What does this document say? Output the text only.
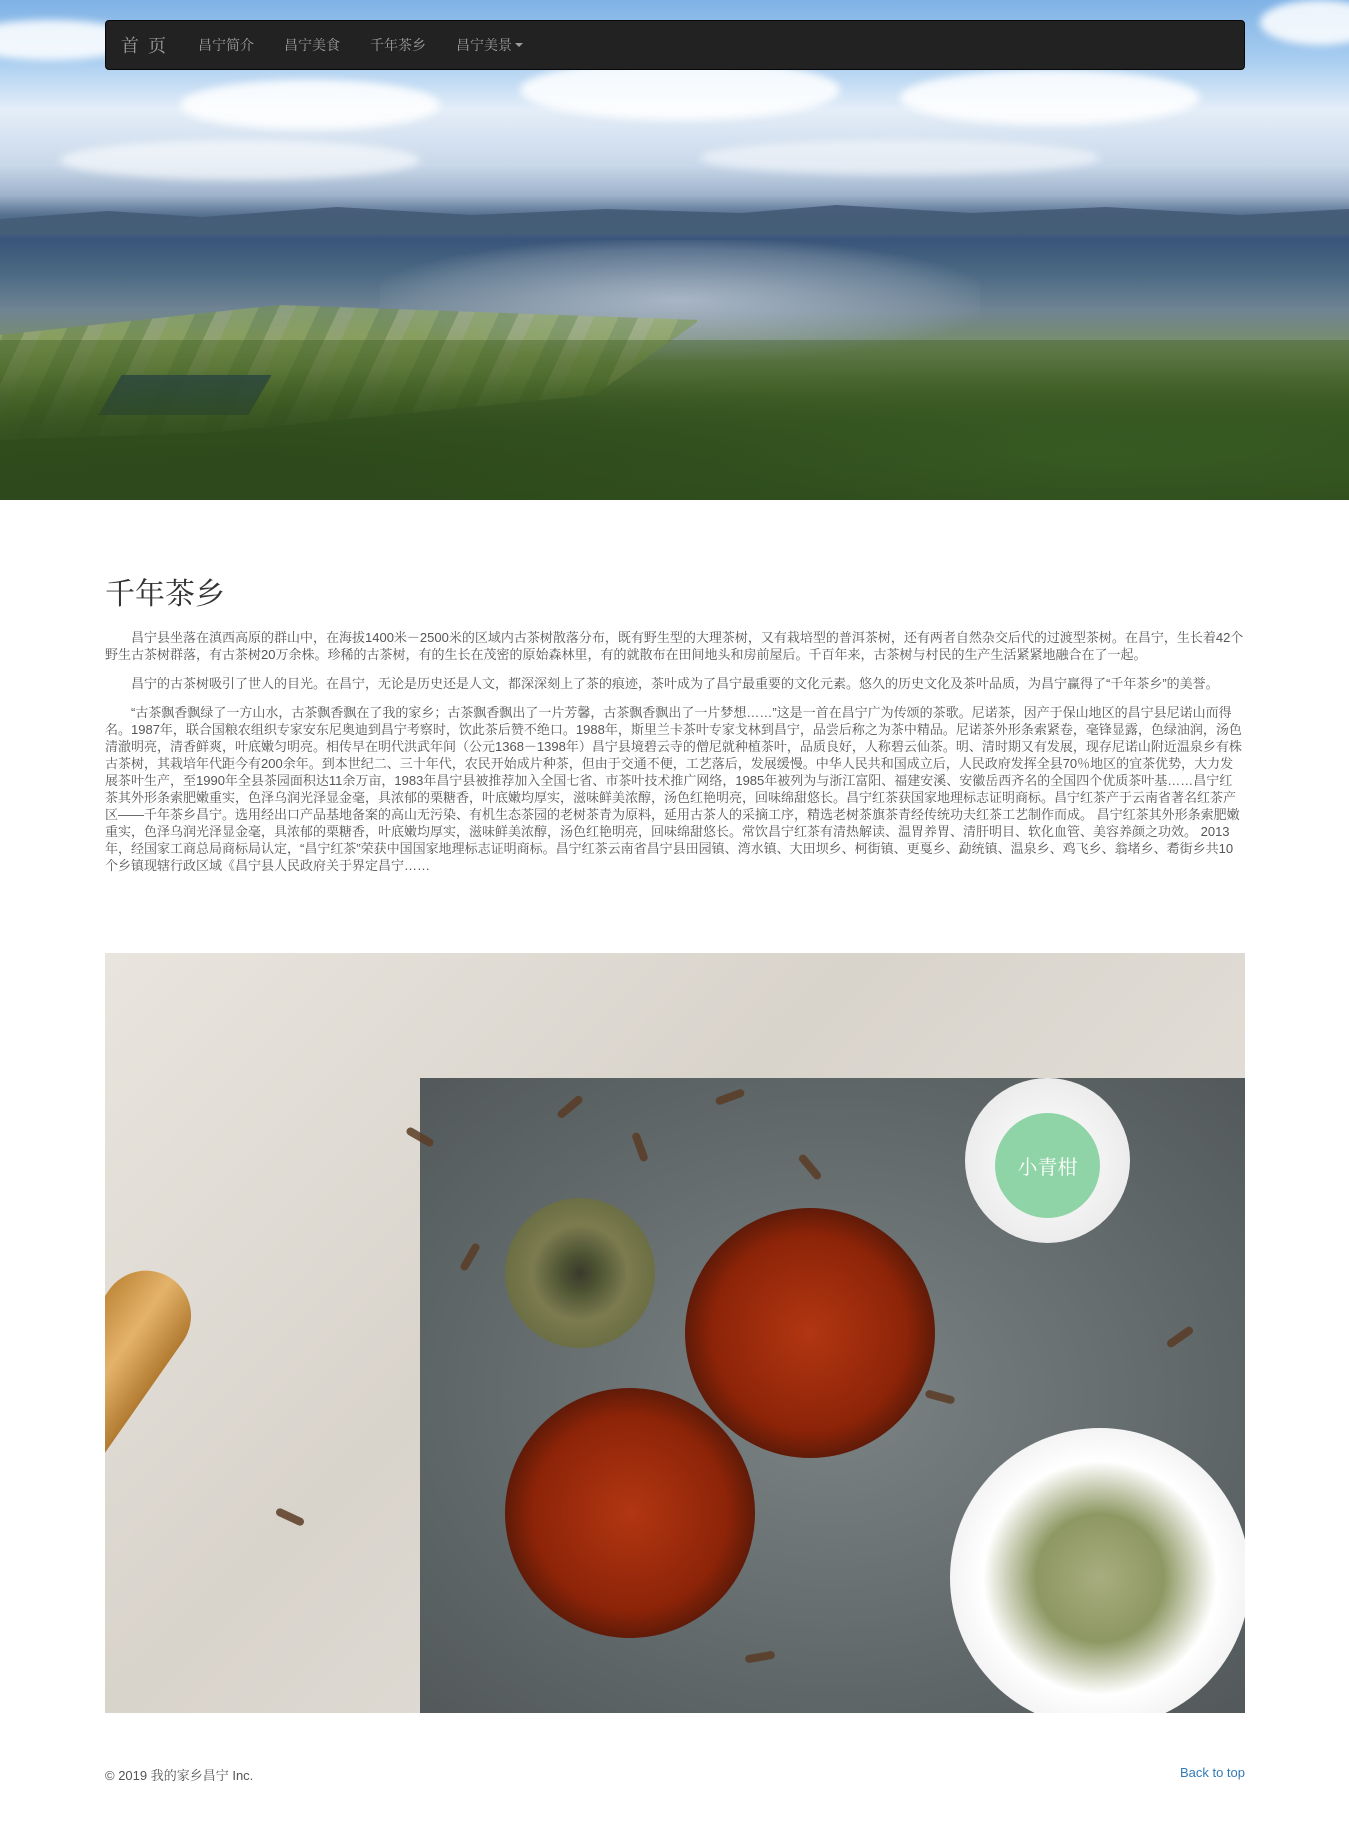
首 页	昌宁简介	昌宁美食	千年茶乡	昌宁美景
千年茶乡

昌宁县坐落在滇西高原的群山中，在海拔1400米－2500米的区域内古茶树散落分布，既有野生型的大理茶树，又有栽培型的普洱茶树，还有两者自然杂交后代的过渡型茶树。在昌宁，生长着42个野生古茶树群落，有古茶树20万余株。珍稀的古茶树，有的生长在茂密的原始森林里，有的就散布在田间地头和房前屋后。千百年来，古茶树与村民的生产生活紧紧地融合在了一起。

昌宁的古茶树吸引了世人的目光。在昌宁，无论是历史还是人文，都深深刻上了茶的痕迹，茶叶成为了昌宁最重要的文化元素。悠久的历史文化及茶叶品质，为昌宁赢得了“千年茶乡”的美誉。

“古茶飘香飘绿了一方山水，古茶飘香飘在了我的家乡；古茶飘香飘出了一片芳馨，古茶飘香飘出了一片梦想……”这是一首在昌宁广为传颂的茶歌。尼诺茶，因产于保山地区的昌宁县尼诺山而得名。1987年，联合国粮农组织专家安东尼奥迪到昌宁考察时，饮此茶后赞不绝口。1988年，斯里兰卡茶叶专家戈林到昌宁，品尝后称之为茶中精品。尼诺茶外形条索紧卷，毫锋显露，色绿油润，汤色清澈明亮，清香鲜爽，叶底嫩匀明亮。相传早在明代洪武年间（公元1368－1398年）昌宁县境碧云寺的僧尼就种植茶叶，品质良好，人称碧云仙茶。明、清时期又有发展，现存尼诺山附近温泉乡有株古茶树，其栽培年代距今有200余年。到本世纪二、三十年代，农民开始成片种茶，但由于交通不便，工艺落后，发展缓慢。中华人民共和国成立后，人民政府发挥全县70％地区的宜茶优势，大力发展茶叶生产，至1990年全县茶园面积达11余万亩，1983年昌宁县被推荐加入全国七省、市茶叶技术推广网络，1985年被列为与浙江富阳、福建安溪、安徽岳西齐名的全国四个优质茶叶基……昌宁红茶其外形条索肥嫩重实，色泽乌润光泽显金毫，具浓郁的栗糖香，叶底嫩均厚实，滋味鲜美浓醇，汤色红艳明亮，回味绵甜悠长。昌宁红茶获国家地理标志证明商标。昌宁红茶产于云南省著名红茶产区——千年茶乡昌宁。选用经出口产品基地备案的高山无污染、有机生态茶园的老树茶青为原料，延用古茶人的采摘工序，精选老树茶旗茶青经传统功夫红茶工艺制作而成。 昌宁红茶其外形条索肥嫩重实，色泽乌润光泽显金毫，具浓郁的栗糖香，叶底嫩均厚实，滋味鲜美浓醇，汤色红艳明亮，回味绵甜悠长。常饮昌宁红茶有清热解读、温胃养胃、清肝明目、软化血管、美容养颜之功效。 2013年，经国家工商总局商标局认定，“昌宁红茶”荣获中国国家地理标志证明商标。昌宁红茶云南省昌宁县田园镇、湾水镇、大田坝乡、柯街镇、更戛乡、勐统镇、温泉乡、鸡飞乡、翁堵乡、耈街乡共10个乡镇现辖行政区域《昌宁县人民政府关于界定昌宁……

小青柑
© 2019 我的家乡昌宁 Inc.	Back to top
